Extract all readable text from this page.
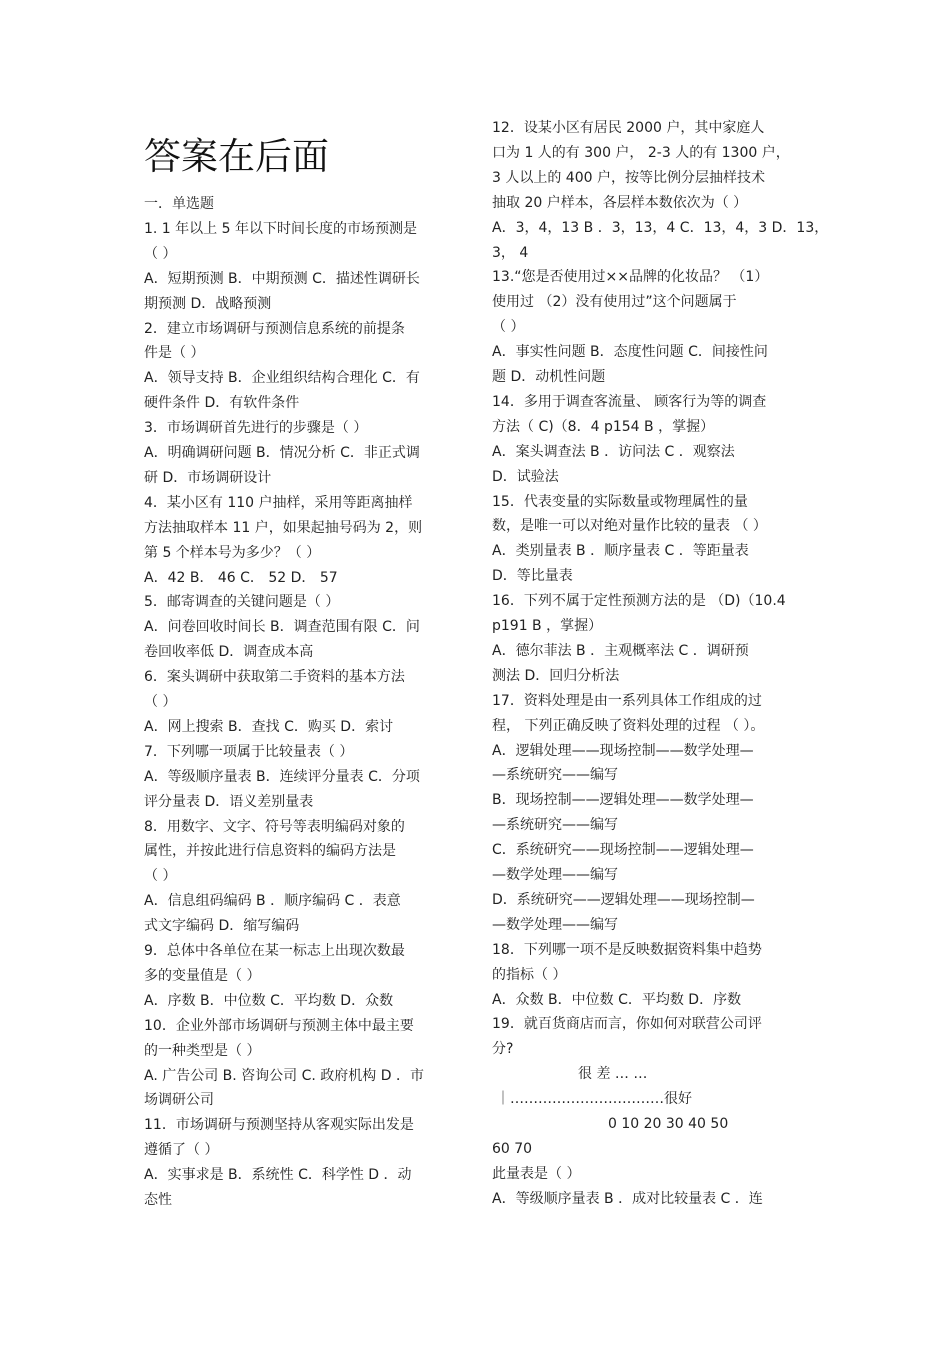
答案在后面
一．单选题
1. 1 年以上 5 年以下时间长度的市场预测是
（ ）
A．短期预测 B．中期预测 C．描述性调研长
期预测 D．战略预测
2．建立市场调研与预测信息系统的前提条
件是（ ）
A．领导支持 B．企业组织结构合理化 C．有
硬件条件 D．有软件条件
3．市场调研首先进行的步骤是（ ）
A．明确调研问题 B．情况分析 C．非正式调
研 D．市场调研设计
4．某小区有 110 户抽样，采用等距离抽样
方法抽取样本 11 户，如果起抽号码为 2，则
第 5 个样本号为多少？（ ）
A．42 B． 46 C． 52 D． 57
5．邮寄调查的关键问题是（ ）
A．问卷回收时间长 B．调查范围有限 C．问
卷回收率低 D．调查成本高
6．案头调研中获取第二手资料的基本方法
（ ）
A．网上搜索 B．查找 C．购买 D．索讨
7．下列哪一项属于比较量表（ ）
A．等级顺序量表 B．连续评分量表 C．分项
评分量表 D．语义差别量表
8．用数字、文字、符号等表明编码对象的
属性，并按此进行信息资料的编码方法是
（ ）
A．信息组码编码 B ．顺序编码 C ．表意
式文字编码 D．缩写编码
9．总体中各单位在某一标志上出现次数最
多的变量值是（ ）
A．序数 B．中位数 C．平均数 D．众数
10．企业外部市场调研与预测主体中最主要
的一种类型是（ ）
A. 广告公司 B. 咨询公司 C. 政府机构 D ．市
场调研公司
11．市场调研与预测坚持从客观实际出发是
遵循了（ ）
A．实事求是 B．系统性 C．科学性 D ．动
态性
12．设某小区有居民 2000 户，其中家庭人
口为 1 人的有 300 户， 2-3 人的有 1300 户，
3 人以上的 400 户，按等比例分层抽样技术
抽取 20 户样本，各层样本数依次为（ ）
A．3，4，13 B ．3，13，4 C．13，4，3 D．13，
3， 4
13.“您是否使用过××品牌的化妆品？ （1）
使用过 （2）没有使用过”这个问题属于
（ ）
A．事实性问题 B．态度性问题 C．间接性问
题 D．动机性问题
14．多用于调查客流量、 顾客行为等的调查
方法（ C)（8．4 p154 B ，掌握）
A．案头调查法 B ．访问法 C ．观察法
D．试验法
15．代表变量的实际数量或物理属性的量
数，是唯一可以对绝对量作比较的量表 （ ）
A．类别量表 B ．顺序量表 C ．等距量表
D．等比量表
16．下列不属于定性预测方法的是 （D)（10.4
p191 B ，掌握）
A．德尔菲法 B ．主观概率法 C ．调研预
测法 D．回归分析法
17．资料处理是由一系列具体工作组成的过
程， 下列正确反映了资料处理的过程 （ ）。
A．逻辑处理——现场控制——数学处理—
—系统研究——编写
B．现场控制——逻辑处理——数学处理—
—系统研究——编写
C．系统研究——现场控制——逻辑处理—
—数学处理——编写
D．系统研究——逻辑处理——现场控制—
—数学处理——编写
18．下列哪一项不是反映数据资料集中趋势
的指标（ ）
A．众数 B．中位数 C．平均数 D．序数
19．就百货商店而言，你如何对联营公司评
分?
很 差 … …
｜……………………………很好
0 10 20 30 40 50
60 70
此量表是（ ）
A．等级顺序量表 B ．成对比较量表 C ．连
